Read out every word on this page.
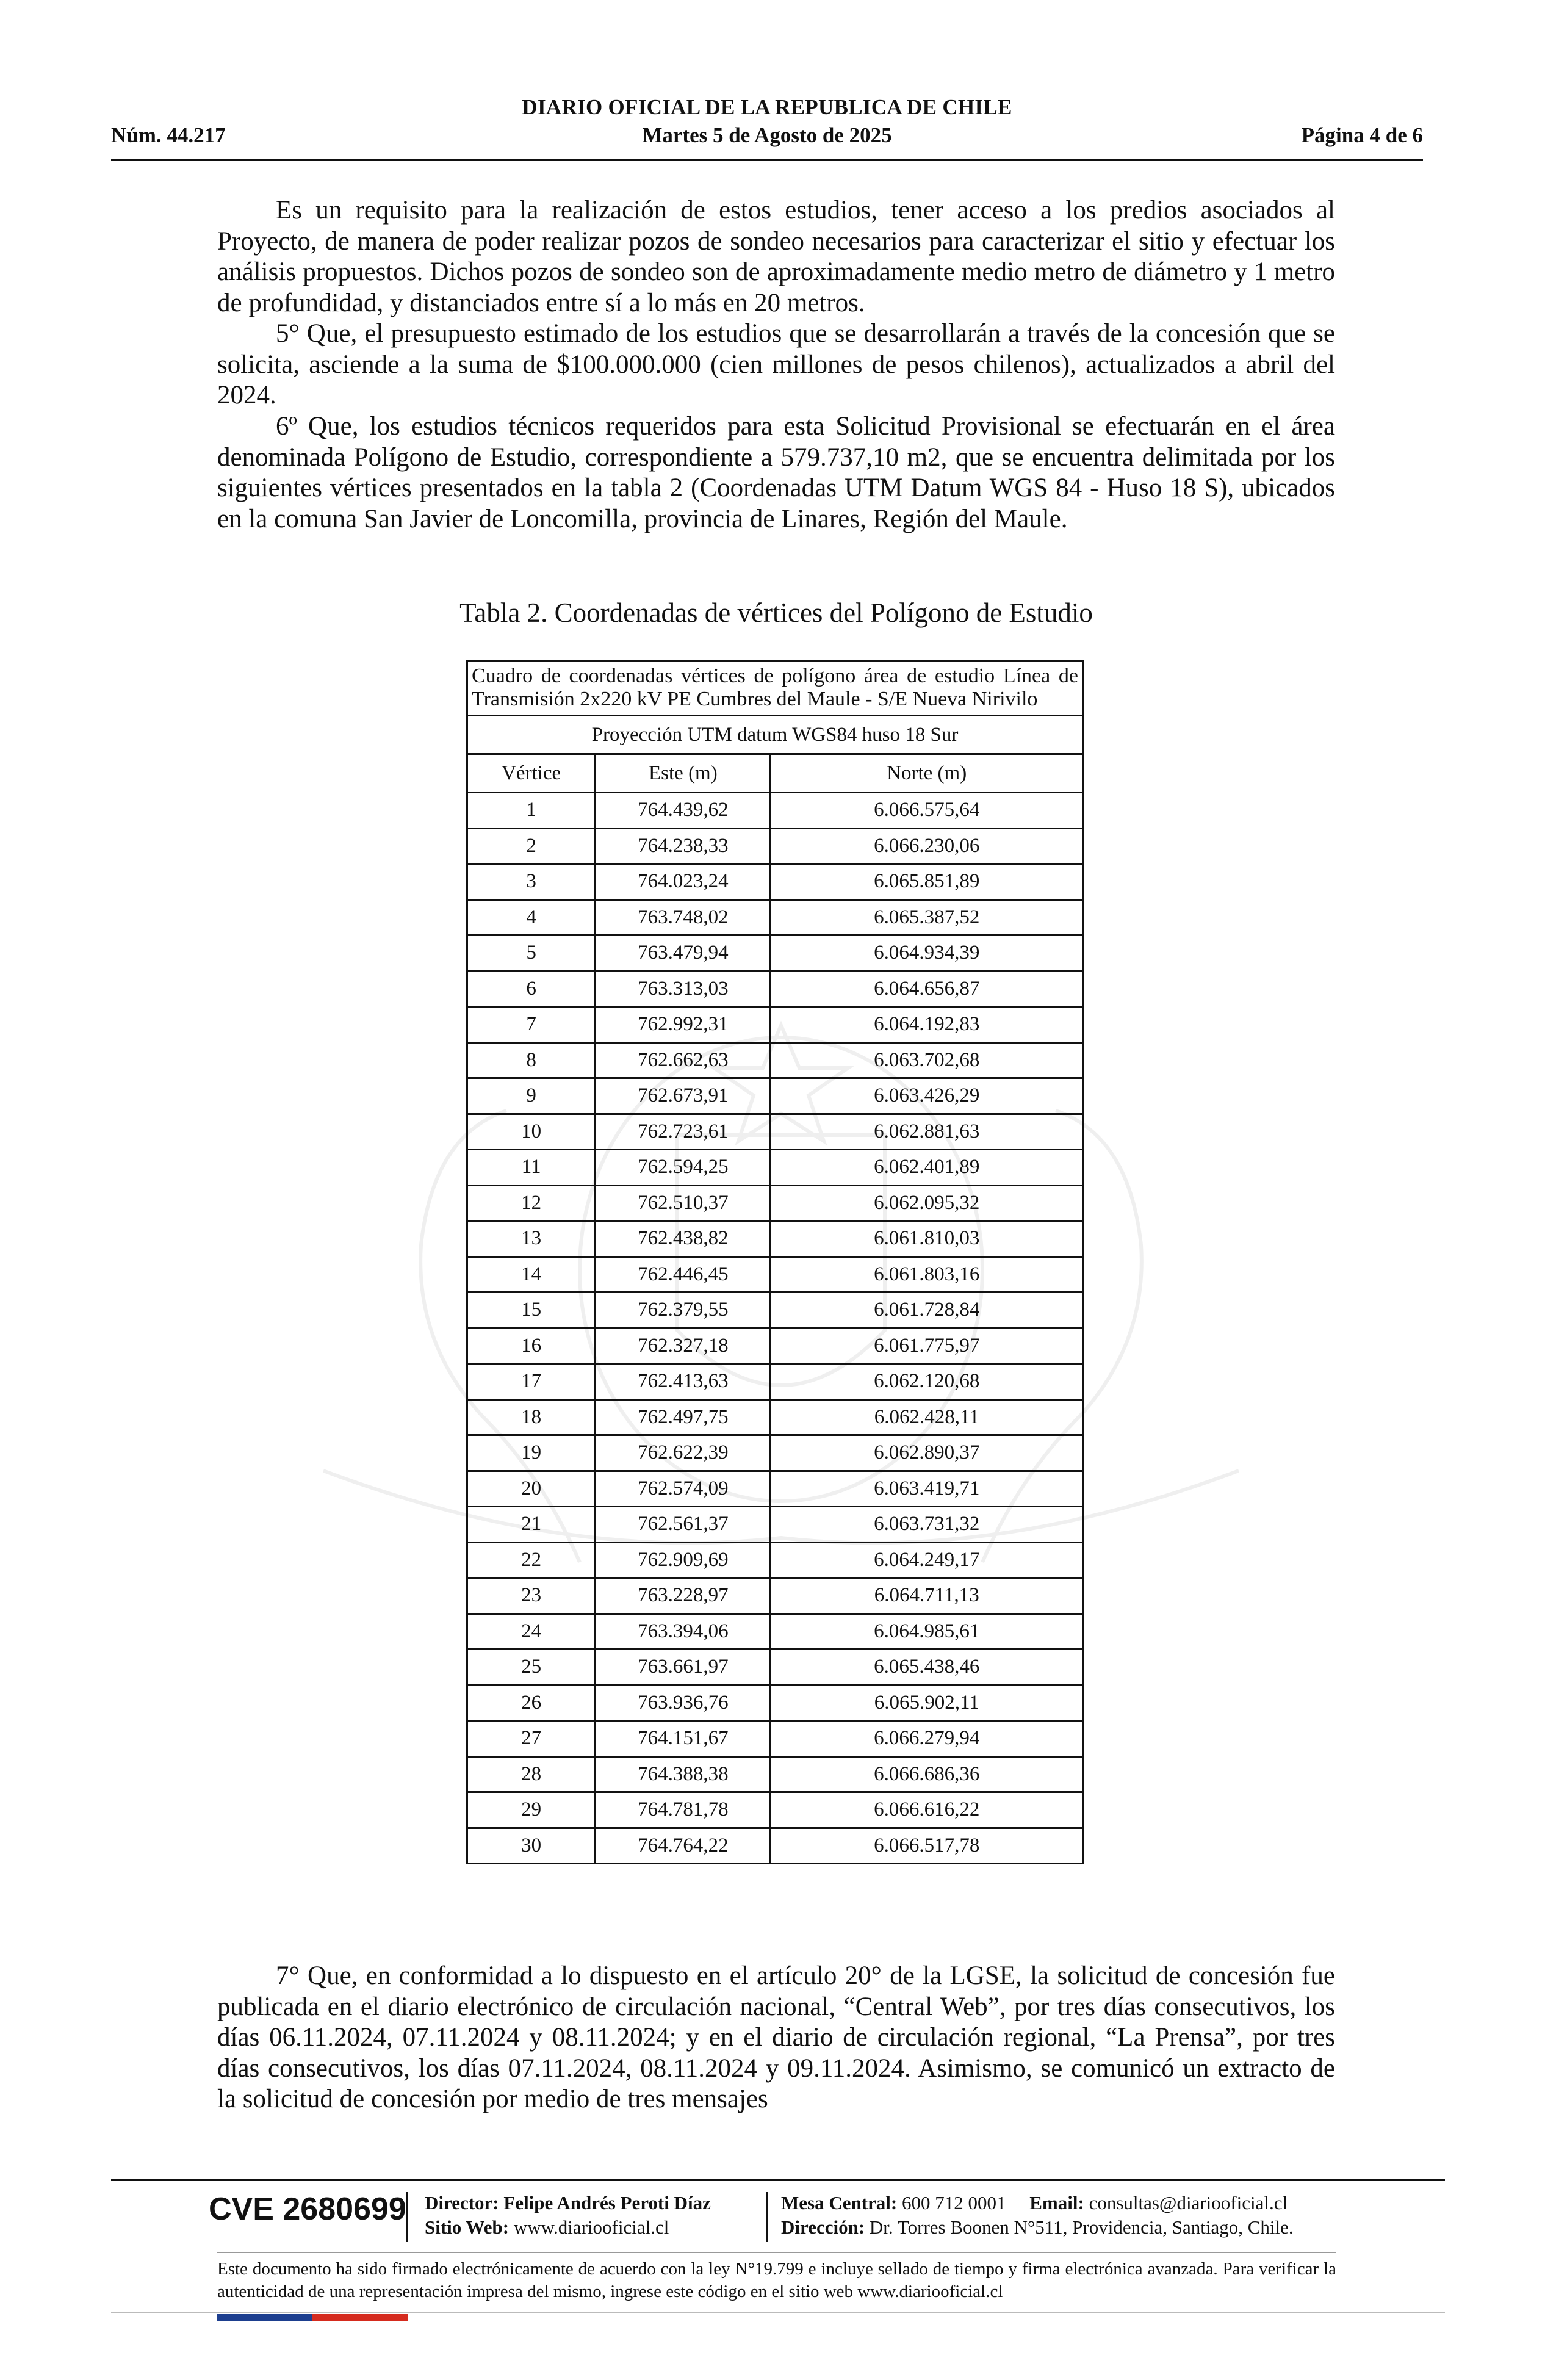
DIARIO OFICIAL DE LA REPUBLICA DE CHILE
Núm. 44.217	Martes 5 de Agosto de 2025	Página 4 de 6

Es un requisito para la realización de estos estudios, tener acceso a los predios asociados al Proyecto, de manera de poder realizar pozos de sondeo necesarios para caracterizar el sitio y efectuar los análisis propuestos. Dichos pozos de sondeo son de aproximadamente medio metro de diámetro y 1 metro de profundidad, y distanciados entre sí a lo más en 20 metros.

5° Que, el presupuesto estimado de los estudios que se desarrollarán a través de la concesión que se solicita, asciende a la suma de $100.000.000 (cien millones de pesos chilenos), actualizados a abril del 2024.

6º Que, los estudios técnicos requeridos para esta Solicitud Provisional se efectuarán en el área denominada Polígono de Estudio, correspondiente a 579.737,10 m2, que se encuentra delimitada por los siguientes vértices presentados en la tabla 2 (Coordenadas UTM Datum WGS 84 - Huso 18 S), ubicados en la comuna San Javier de Loncomilla, provincia de Linares, Región del Maule.

Tabla 2. Coordenadas de vértices del Polígono de Estudio
Cuadro de coordenadas vértices de polígono área de estudio Línea de Transmisión 2x220 kV PE Cumbres del Maule - S/E Nueva Nirivilo		
Proyección UTM datum WGS84 huso 18 Sur		
Vértice	Este (m)	Norte (m)
1	764.439,62	6.066.575,64
2	764.238,33	6.066.230,06
3	764.023,24	6.065.851,89
4	763.748,02	6.065.387,52
5	763.479,94	6.064.934,39
6	763.313,03	6.064.656,87
7	762.992,31	6.064.192,83
8	762.662,63	6.063.702,68
9	762.673,91	6.063.426,29
10	762.723,61	6.062.881,63
11	762.594,25	6.062.401,89
12	762.510,37	6.062.095,32
13	762.438,82	6.061.810,03
14	762.446,45	6.061.803,16
15	762.379,55	6.061.728,84
16	762.327,18	6.061.775,97
17	762.413,63	6.062.120,68
18	762.497,75	6.062.428,11
19	762.622,39	6.062.890,37
20	762.574,09	6.063.419,71
21	762.561,37	6.063.731,32
22	762.909,69	6.064.249,17
23	763.228,97	6.064.711,13
24	763.394,06	6.064.985,61
25	763.661,97	6.065.438,46
26	763.936,76	6.065.902,11
27	764.151,67	6.066.279,94
28	764.388,38	6.066.686,36
29	764.781,78	6.066.616,22
30	764.764,22	6.066.517,78

7° Que, en conformidad a lo dispuesto en el artículo 20° de la LGSE, la solicitud de concesión fue publicada en el diario electrónico de circulación nacional, “Central Web”, por tres días consecutivos, los días 06.11.2024, 07.11.2024 y 08.11.2024; y en el diario de circulación regional, “La Prensa”, por tres días consecutivos, los días 07.11.2024, 08.11.2024 y 09.11.2024. Asimismo, se comunicó un extracto de la solicitud de concesión por medio de tres mensajes

CVE 2680699 Director: Felipe Andrés Peroti Díaz
Sitio Web: www.diariooficial.cl
Mesa Central: 600 712 0001 Email: consultas@diariooficial.cl
Dirección: Dr. Torres Boonen N°511, Providencia, Santiago, Chile.
Este documento ha sido firmado electrónicamente de acuerdo con la ley N°19.799 e incluye sellado de tiempo y firma electrónica avanzada. Para verificar la autenticidad de una representación impresa del mismo, ingrese este código en el sitio web www.diariooficial.cl
